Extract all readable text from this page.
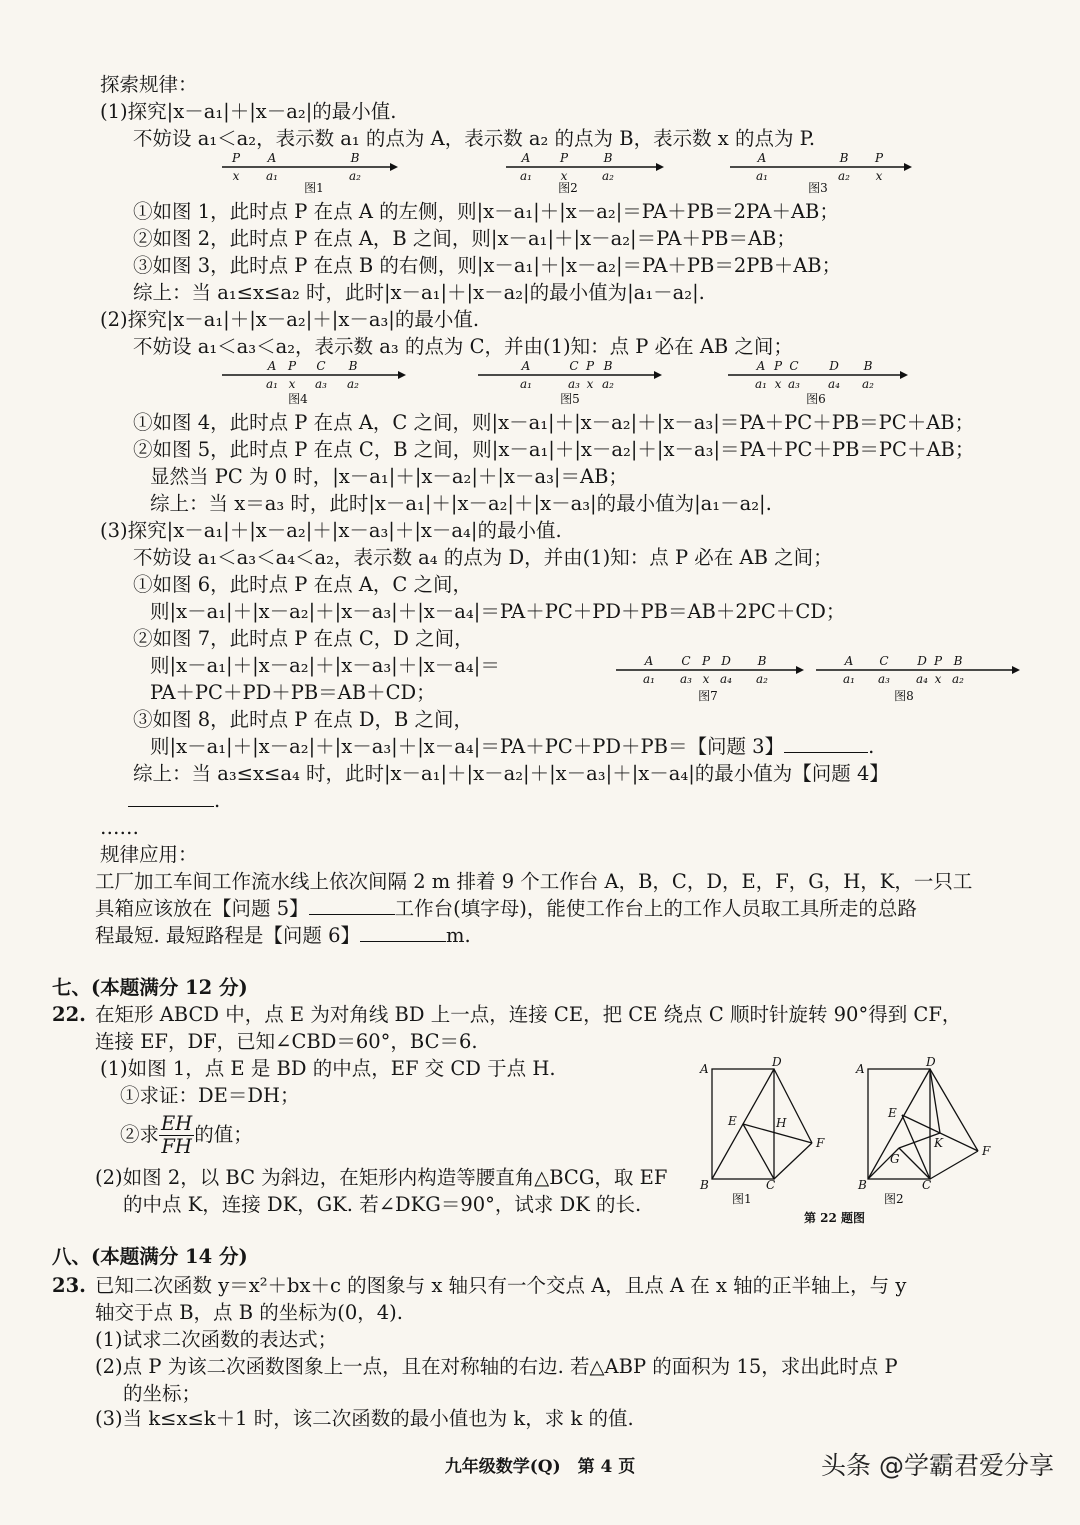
探索规律：
(1)探究|x－a₁|＋|x－a₂|的最小值.
不妨设 a₁＜a₂，表示数 a₁ 的点为 A，表示数 a₂ 的点为 B，表示数 x 的点为 P.
P A	B
x a₁	a₂
图1
A P	B
a₁ x	a₂
图2
A	B P
a₁	a₂ x
图3
①如图 1，此时点 P 在点 A 的左侧，则|x－a₁|＋|x－a₂|＝PA＋PB＝2PA＋AB；
②如图 2，此时点 P 在点 A，B 之间，则|x－a₁|＋|x－a₂|＝PA＋PB＝AB；
③如图 3，此时点 P 在点 B 的右侧，则|x－a₁|＋|x－a₂|＝PA＋PB＝2PB＋AB；
综上：当 a₁≤x≤a₂ 时，此时|x－a₁|＋|x－a₂|的最小值为|a₁－a₂|.
(2)探究|x－a₁|＋|x－a₂|＋|x－a₃|的最小值.
不妨设 a₁＜a₃＜a₂，表示数 a₃ 的点为 C，并由(1)知：点 P 必在 AB 之间；
A P C B
a₁ x a₃ a₂
图4
A	C P B
a₁	a₃ x a₂
图5
A P C	D B
a₁ x a₃ a₄ a₂
图6
①如图 4，此时点 P 在点 A，C 之间，则|x－a₁|＋|x－a₂|＋|x－a₃|＝PA＋PC＋PB＝PC＋AB；
②如图 5，此时点 P 在点 C，B 之间，则|x－a₁|＋|x－a₂|＋|x－a₃|＝PA＋PC＋PB＝PC＋AB；
显然当 PC 为 0 时，|x－a₁|＋|x－a₂|＋|x－a₃|＝AB；
综上：当 x＝a₃ 时，此时|x－a₁|＋|x－a₂|＋|x－a₃|的最小值为|a₁－a₂|.
(3)探究|x－a₁|＋|x－a₂|＋|x－a₃|＋|x－a₄|的最小值.
不妨设 a₁＜a₃＜a₄＜a₂，表示数 a₄ 的点为 D，并由(1)知：点 P 必在 AB 之间；
①如图 6，此时点 P 在点 A，C 之间，
则|x－a₁|＋|x－a₂|＋|x－a₃|＋|x－a₄|＝PA＋PC＋PD＋PB＝AB＋2PC＋CD；
②如图 7，此时点 P 在点 C，D 之间，
则|x－a₁|＋|x－a₂|＋|x－a₃|＋|x－a₄|＝
PA＋PC＋PD＋PB＝AB＋CD；
A C P D B
a₁ a₃ x a₄ a₂
图7
A C D P B
a₁ a₃ a₄ x a₂
图8
③如图 8，此时点 P 在点 D，B 之间，
则|x－a₁|＋|x－a₂|＋|x－a₃|＋|x－a₄|＝PA＋PC＋PD＋PB＝【问题 3】	.
综上：当 a₃≤x≤a₄ 时，此时|x－a₁|＋|x－a₂|＋|x－a₃|＋|x－a₄|的最小值为【问题 4】
.
……
规律应用：
工厂加工车间工作流水线上依次间隔 2 m 排着 9 个工作台 A，B，C，D，E，F，G，H，K，一只工
具箱应该放在【问题 5】	工作台(填字母)，能使工作台上的工作人员取工具所走的总路
程最短. 最短路程是【问题 6】	m.
七、(本题满分 12 分)
22. 在矩形 ABCD 中，点 E 为对角线 BD 上一点，连接 CE，把 CE 绕点 C 顺时针旋转 90°得到 CF，
连接 EF，DF，已知∠CBD＝60°，BC＝6.
(1)如图 1，点 E 是 BD 的中点，EF 交 CD 于点 H.
①求证：DE＝DH；
②求 $\frac{EH}{FH}$ 的值；
(2)如图 2，以 BC 为斜边，在矩形内构造等腰直角△BCG，取 EF
的中点 K，连接 DK，GK. 若∠DKG＝90°，试求 DK 的长.
A	D
E	H
F
B	C
图1
A	D
E
K
G
F
B	C
图2
第 22 题图
八、(本题满分 14 分)
23. 已知二次函数 y＝x²＋bx＋c 的图象与 x 轴只有一个交点 A，且点 A 在 x 轴的正半轴上，与 y
轴交于点 B，点 B 的坐标为(0，4).
(1)试求二次函数的表达式；
(2)点 P 为该二次函数图象上一点，且在对称轴的右边. 若△ABP 的面积为 15，求出此时点 P
的坐标；
(3)当 k≤x≤k＋1 时，该二次函数的最小值也为 k，求 k 的值.
九年级数学(Q)　第 4 页	头条 @学霸君爱分享
